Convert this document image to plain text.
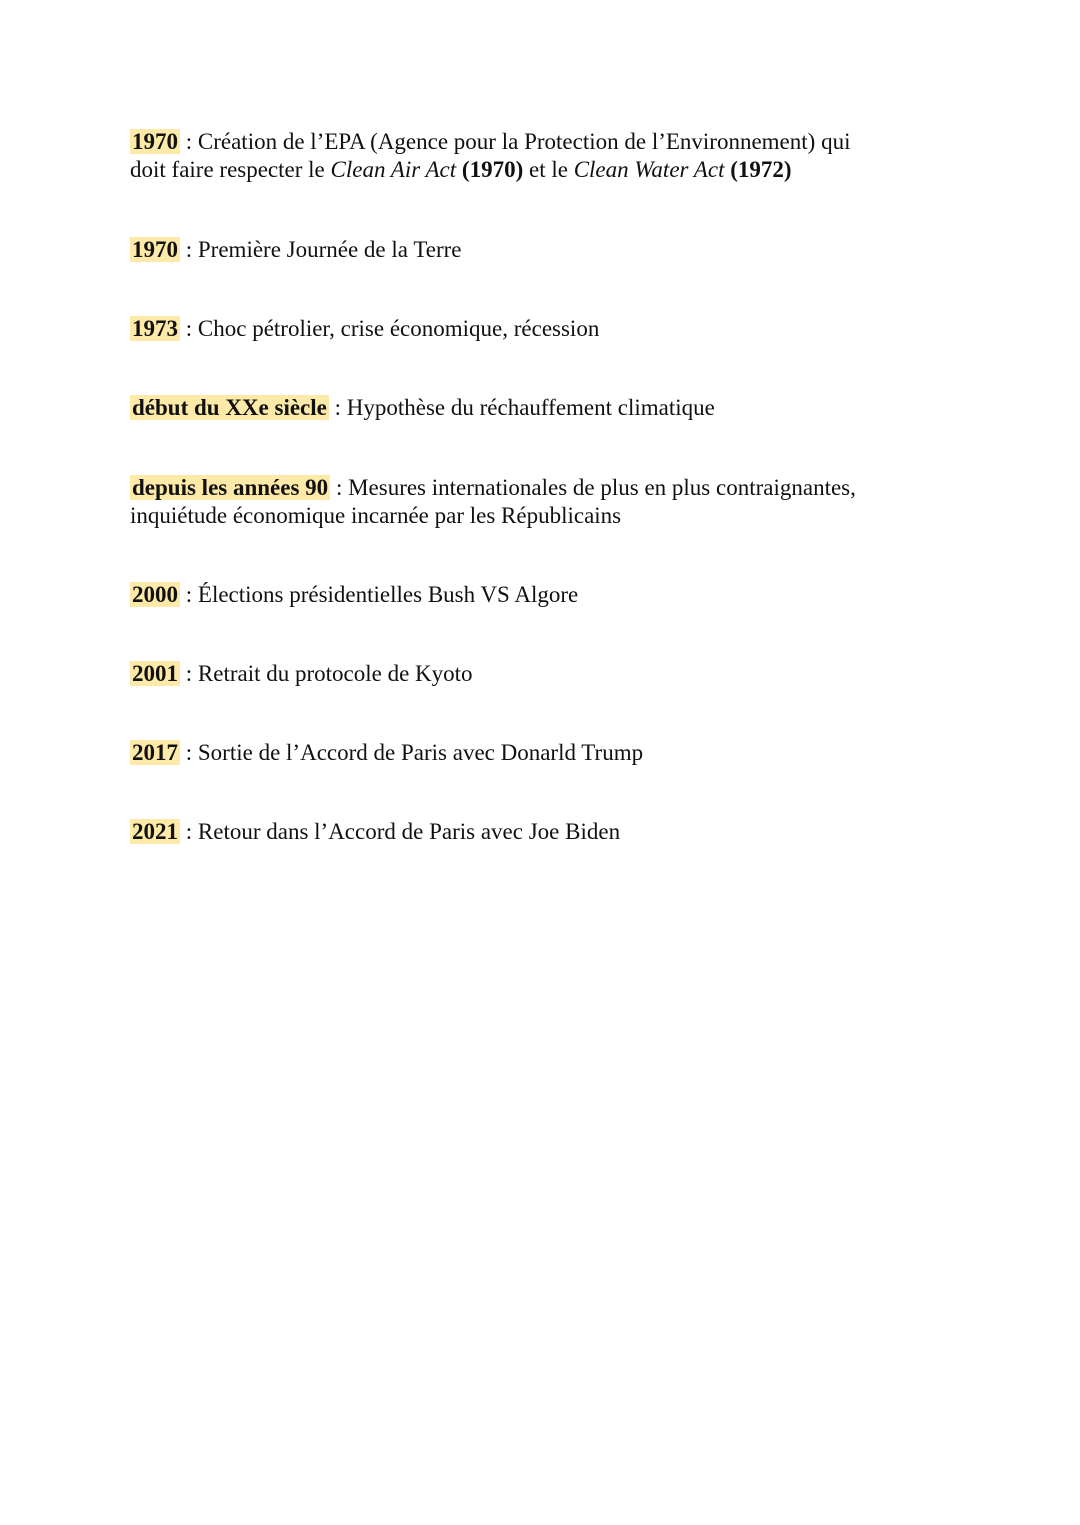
1970 : Création de l’EPA (Agence pour la Protection de l’Environnement) qui
doit faire respecter le Clean Air Act (1970) et le Clean Water Act (1972)

1970 : Première Journée de la Terre

1973 : Choc pétrolier, crise économique, récession

début du XXe siècle : Hypothèse du réchauffement climatique

depuis les années 90 : Mesures internationales de plus en plus contraignantes,
inquiétude économique incarnée par les Républicains

2000 : Élections présidentielles Bush VS Algore

2001 : Retrait du protocole de Kyoto

2017 : Sortie de l’Accord de Paris avec Donarld Trump

2021 : Retour dans l’Accord de Paris avec Joe Biden
